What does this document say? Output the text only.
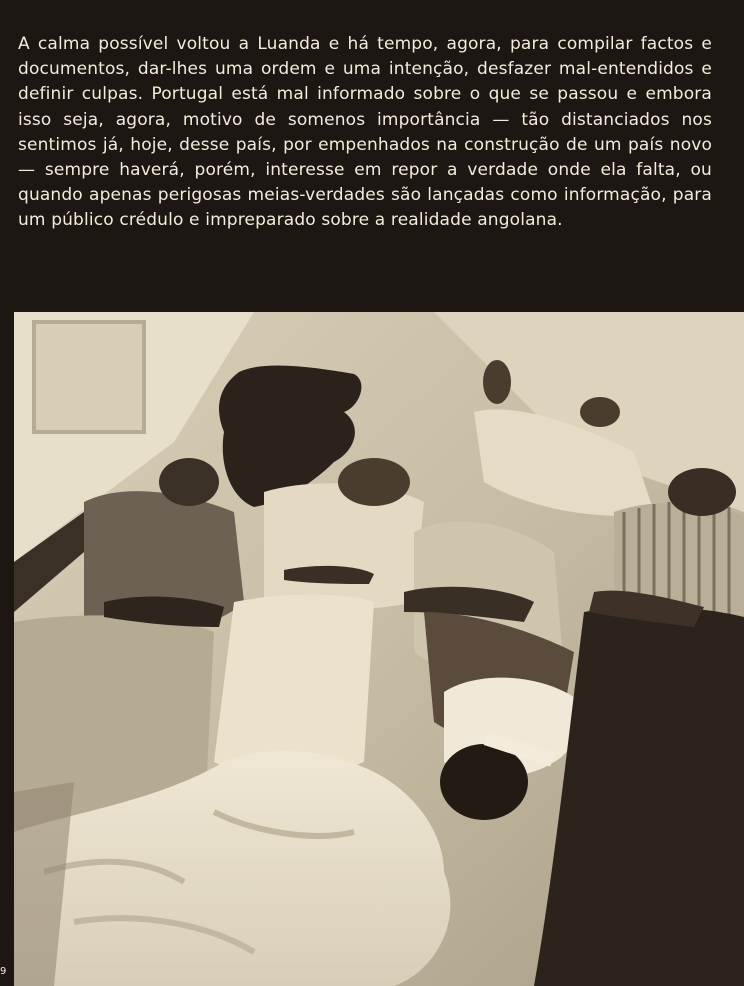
A calma possível voltou a Luanda e há tempo, agora, para compilar factos e documentos, dar-lhes uma ordem e uma intenção, desfazer mal-entendidos e definir culpas. Portugal está mal informado sobre o que se passou e embora isso seja, agora, motivo de somenos importância — tão distanciados nos sentimos já, hoje, desse país, por empenhados na construção de um país novo — sempre haverá, porém, interesse em repor a verdade onde ela falta, ou quando apenas perigosas meias-verdades são lançadas como informação, para um público crédulo e impreparado sobre a realidade angolana.

9
